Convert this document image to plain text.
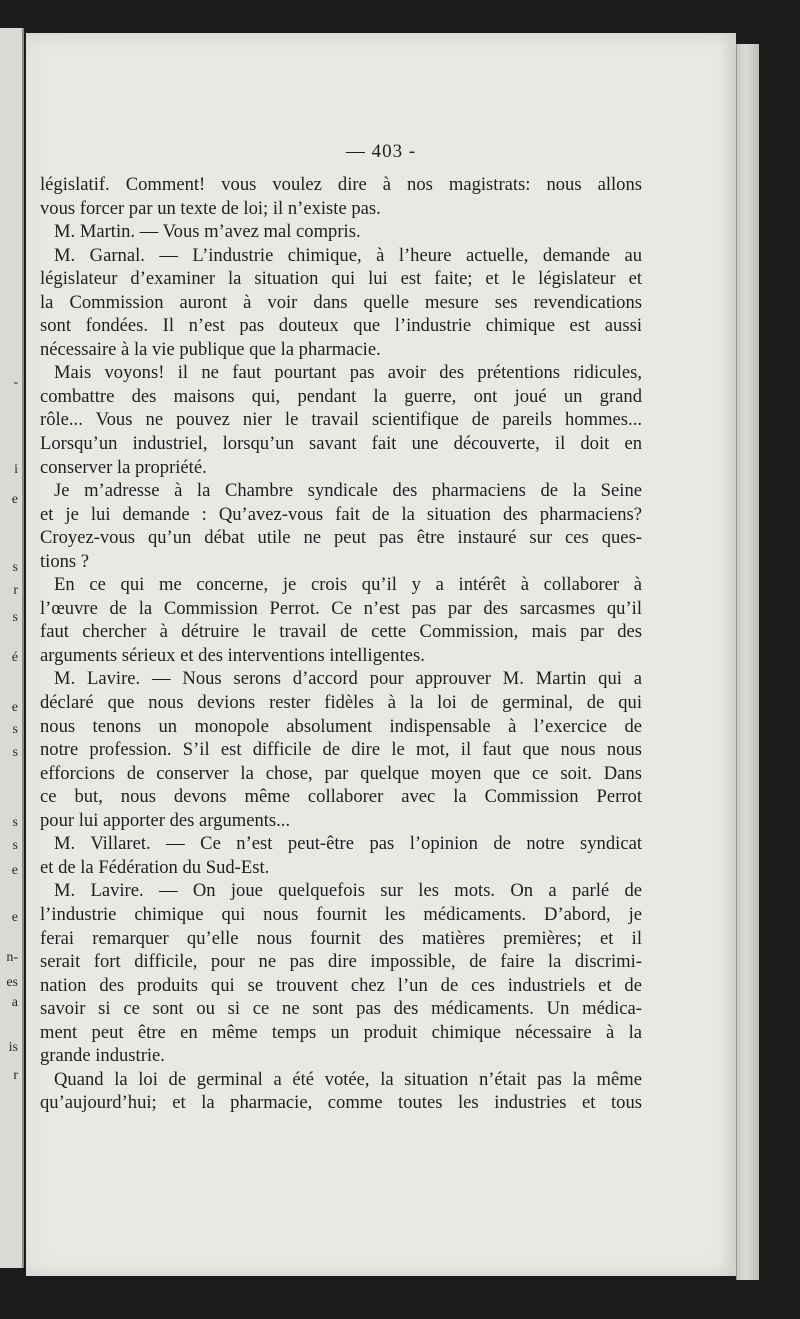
-
i
e
s
r
s
é
e
s
s
s
s
e
e
n-
es
a
is
r
— 403 -
législatif. Comment! vous voulez dire à nos magistrats: nous allons
vous forcer par un texte de loi; il n’existe pas.
M. Martin. — Vous m’avez mal compris.
M. Garnal. — L’industrie chimique, à l’heure actuelle, demande au
législateur d’examiner la situation qui lui est faite; et le législateur et
la Commission auront à voir dans quelle mesure ses revendications
sont fondées. Il n’est pas douteux que l’industrie chimique est aussi
nécessaire à la vie publique que la pharmacie.
Mais voyons! il ne faut pourtant pas avoir des prétentions ridicules,
combattre des maisons qui, pendant la guerre, ont joué un grand
rôle... Vous ne pouvez nier le travail scientifique de pareils hommes...
Lorsqu’un industriel, lorsqu’un savant fait une découverte, il doit en
conserver la propriété.
Je m’adresse à la Chambre syndicale des pharmaciens de la Seine
et je lui demande : Qu’avez-vous fait de la situation des pharmaciens?
Croyez-vous qu’un débat utile ne peut pas être instauré sur ces ques-
tions ?
En ce qui me concerne, je crois qu’il y a intérêt à collaborer à
l’œuvre de la Commission Perrot. Ce n’est pas par des sarcasmes qu’il
faut chercher à détruire le travail de cette Commission, mais par des
arguments sérieux et des interventions intelligentes.
M. Lavire. — Nous serons d’accord pour approuver M. Martin qui a
déclaré que nous devions rester fidèles à la loi de germinal, de qui
nous tenons un monopole absolument indispensable à l’exercice de
notre profession. S’il est difficile de dire le mot, il faut que nous nous
efforcions de conserver la chose, par quelque moyen que ce soit. Dans
ce but, nous devons même collaborer avec la Commission Perrot
pour lui apporter des arguments...
M. Villaret. — Ce n’est peut-être pas l’opinion de notre syndicat
et de la Fédération du Sud-Est.
M. Lavire. — On joue quelquefois sur les mots. On a parlé de
l’industrie chimique qui nous fournit les médicaments. D’abord, je
ferai remarquer qu’elle nous fournit des matières premières; et il
serait fort difficile, pour ne pas dire impossible, de faire la discrimi-
nation des produits qui se trouvent chez l’un de ces industriels et de
savoir si ce sont ou si ce ne sont pas des médicaments. Un médica-
ment peut être en même temps un produit chimique nécessaire à la
grande industrie.
Quand la loi de germinal a été votée, la situation n’était pas la même
qu’aujourd’hui; et la pharmacie, comme toutes les industries et tous
